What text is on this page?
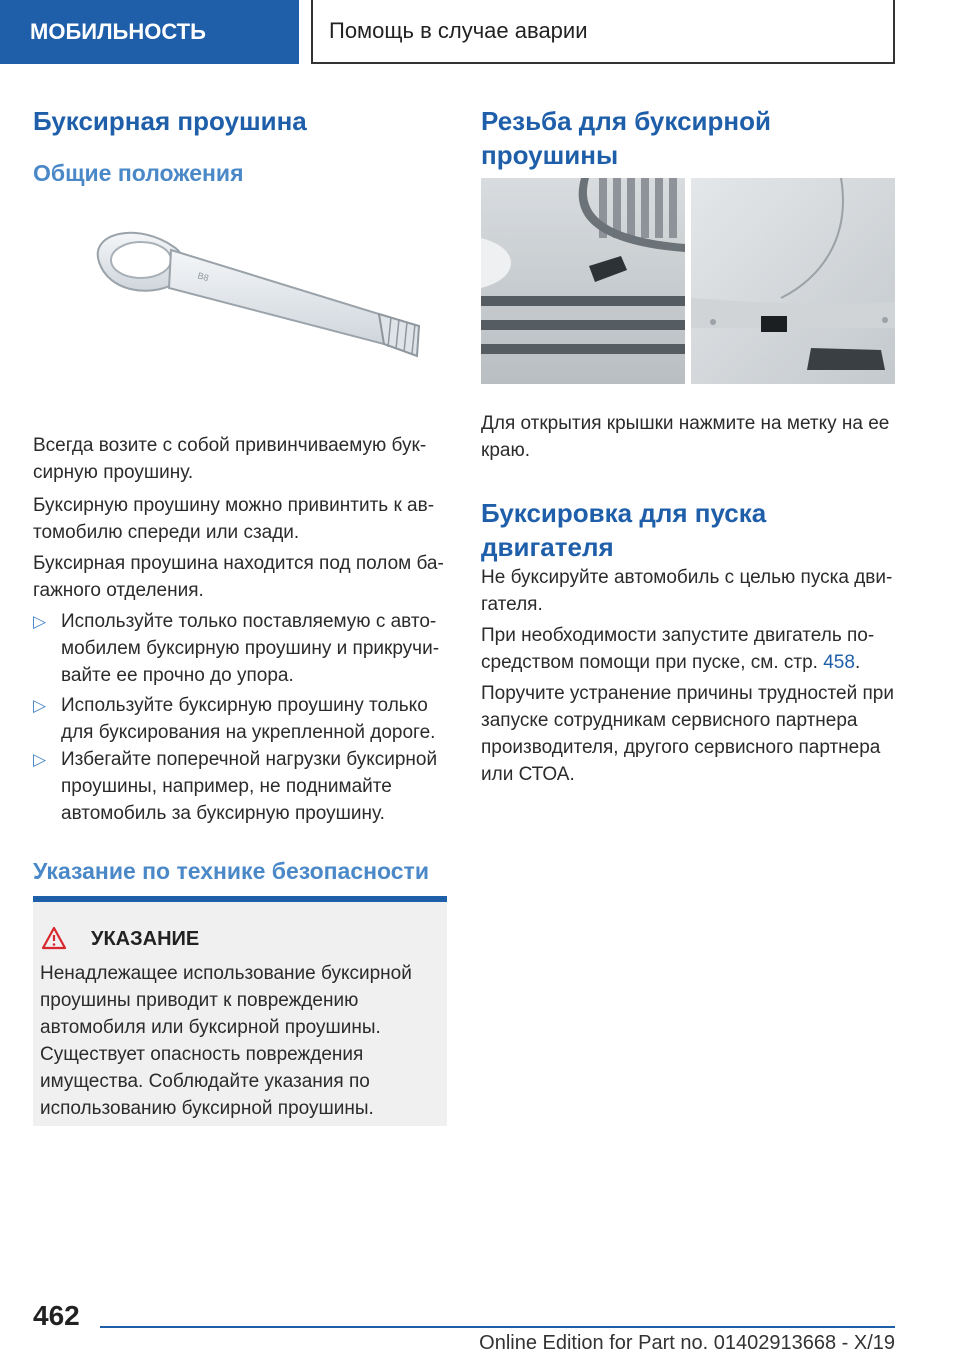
МОБИЛЬНОСТЬ	Помощь в случае аварии
Буксирная проушина
Общие положения
B8

Всегда возите с собой привинчиваемую буксирную проушину.

Буксирную проушину можно привинтить к автомобилю спереди или сзади.

Буксирная проушина находится под полом багажного отделения.

▷ Используйте только поставляемую с автомобилем буксирную проушину и прикручивайте ее прочно до упора.
▷ Используйте буксирную проушину только для буксирования на укрепленной дороге.
▷ Избегайте поперечной нагрузки буксирной проушины, например, не поднимайте автомобиль за буксирную проушину.
Указание по технике безопасности
УКАЗАНИЕ

Ненадлежащее использование буксирной проушины приводит к повреждению автомобиля или буксирной проушины. Существует опасность повреждения имущества. Соблюдайте указания по использованию буксирной проушины.

Резьба для буксирной проушины

Для открытия крышки нажмите на метку на ее краю.

Буксировка для пуска двигателя

Не буксируйте автомобиль с целью пуска двигателя.

При необходимости запустите двигатель посредством помощи при пуске, см. стр. 458.

Поручите устранение причины трудностей при запуске сотрудникам сервисного партнера производителя, другого сервисного партнера или СТОА.

462
Online Edition for Part no. 01402913668 - X/19
